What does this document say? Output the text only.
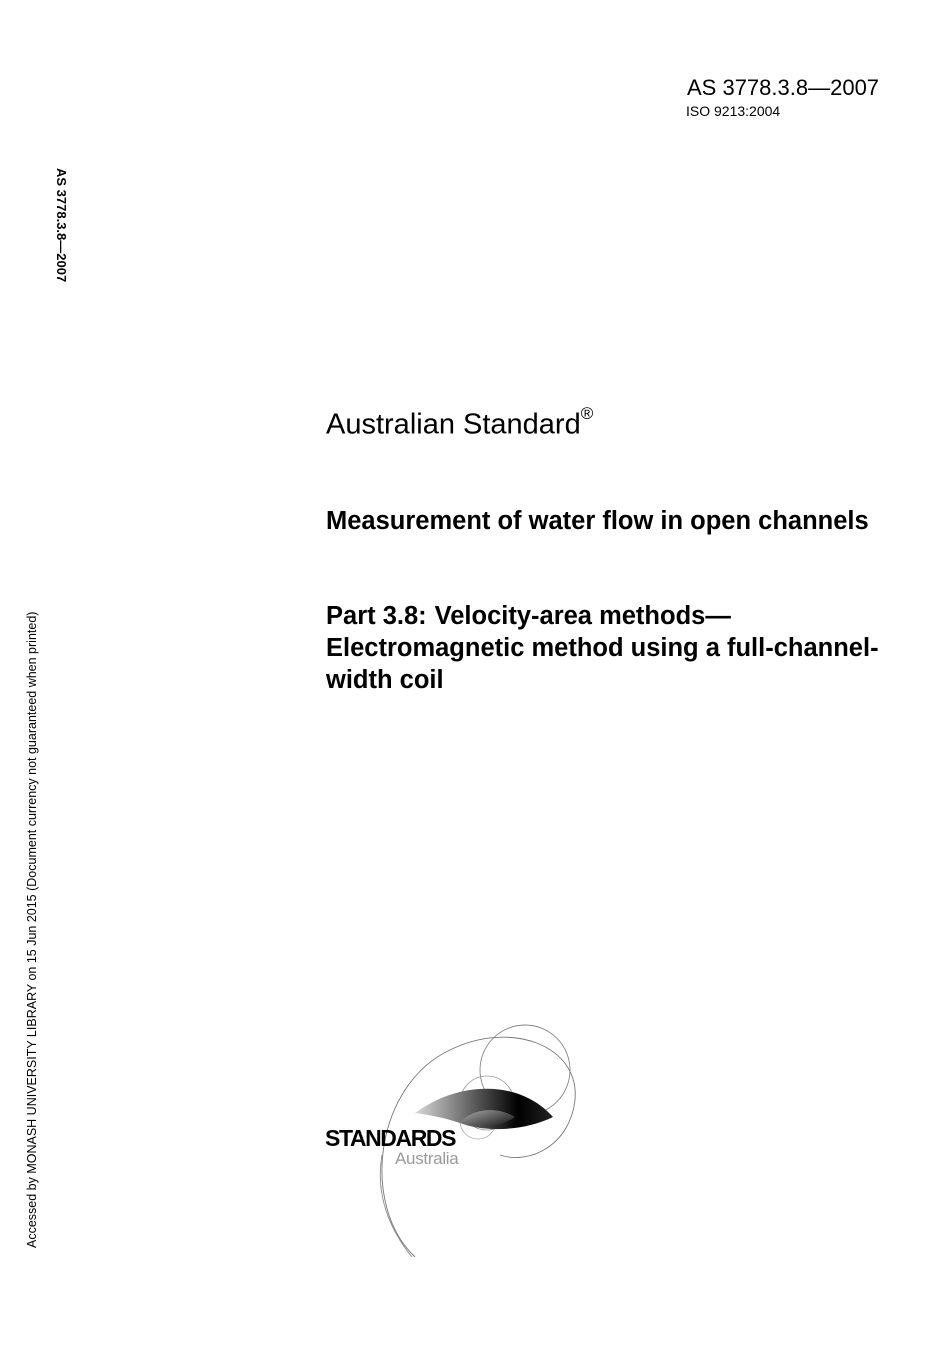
AS 3778.3.8—2007
ISO 9213:2004
AS 3778.3.8—2007
Accessed by MONASH UNIVERSITY LIBRARY on 15 Jun 2015 (Document currency not guaranteed when printed)
Australian Standard®
Measurement of water flow in open channels
Part 3.8: Velocity-area methods—Electromagnetic method using a full-channel-width coil
STANDARDS
Australia
